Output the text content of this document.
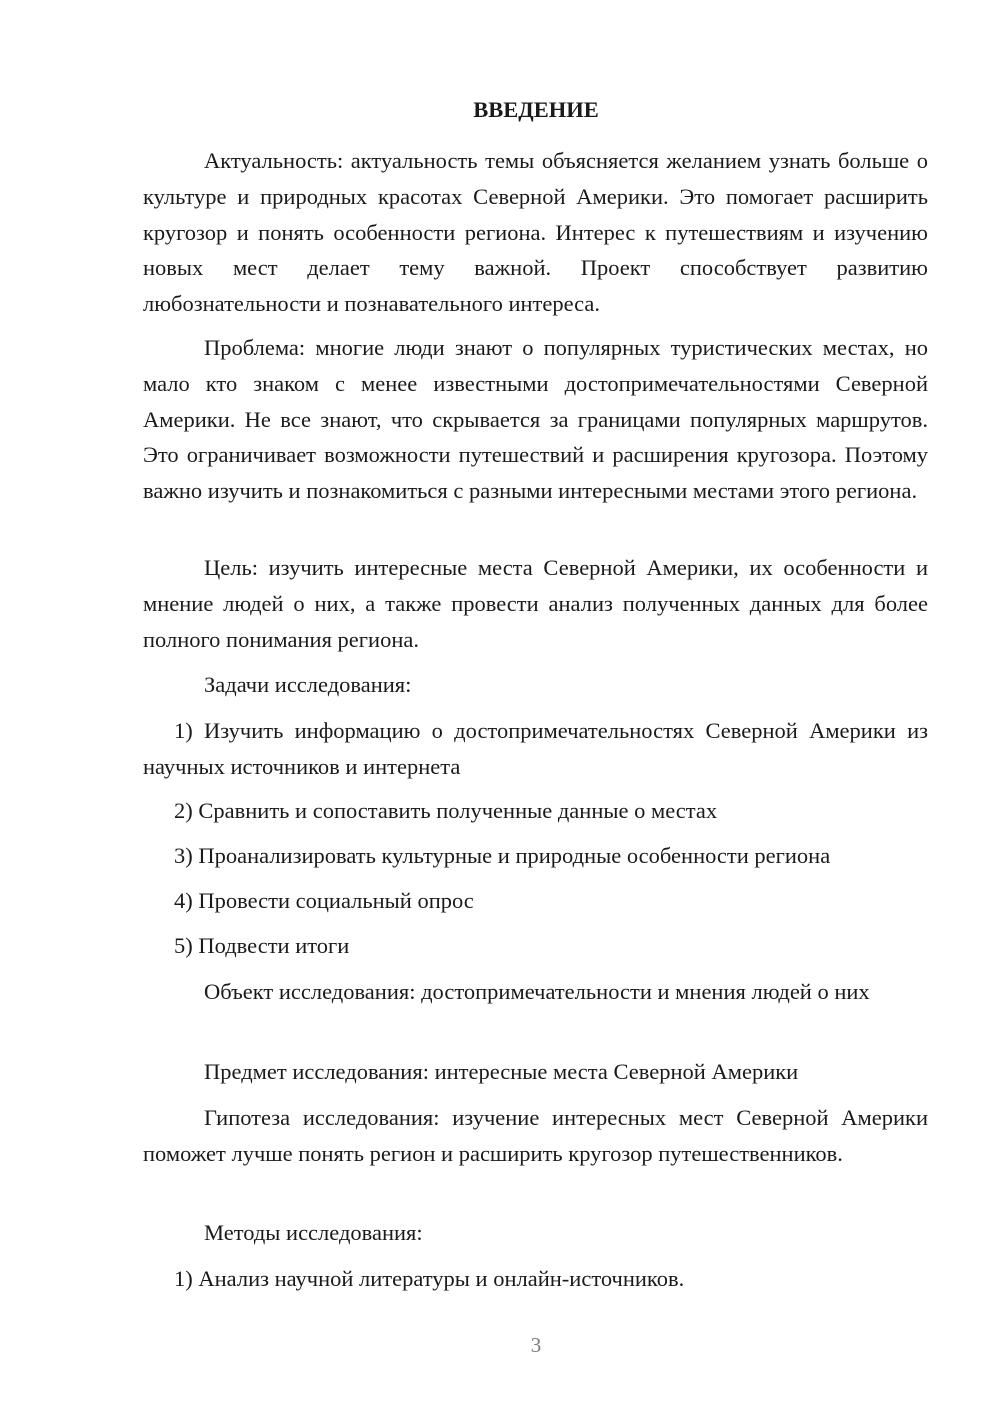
ВВЕДЕНИЕ

Актуальность: актуальность темы объясняется желанием узнать больше о культуре и природных красотах Северной Америки. Это помогает расширить кругозор и понять особенности региона. Интерес к путешествиям и изучению новых мест делает тему важной. Проект способствует развитию любознательности и познавательного интереса.

Проблема: многие люди знают о популярных туристических местах, но мало кто знаком с менее известными достопримечательностями Северной Америки. Не все знают, что скрывается за границами популярных маршрутов. Это ограничивает возможности путешествий и расширения кругозора. Поэтому важно изучить и познакомиться с разными интересными местами этого региона.

Цель: изучить интересные места Северной Америки, их особенности и мнение людей о них, а также провести анализ полученных данных для более полного понимания региона.

Задачи исследования:

1) Изучить информацию о достопримечательностях Северной Америки из научных источников и интернета

2) Сравнить и сопоставить полученные данные о местах

3) Проанализировать культурные и природные особенности региона

4) Провести социальный опрос

5) Подвести итоги

Объект исследования: достопримечательности и мнения людей о них

Предмет исследования: интересные места Северной Америки

Гипотеза исследования: изучение интересных мест Северной Америки поможет лучше понять регион и расширить кругозор путешественников.

Методы исследования:

1) Анализ научной литературы и онлайн-источников.

3
